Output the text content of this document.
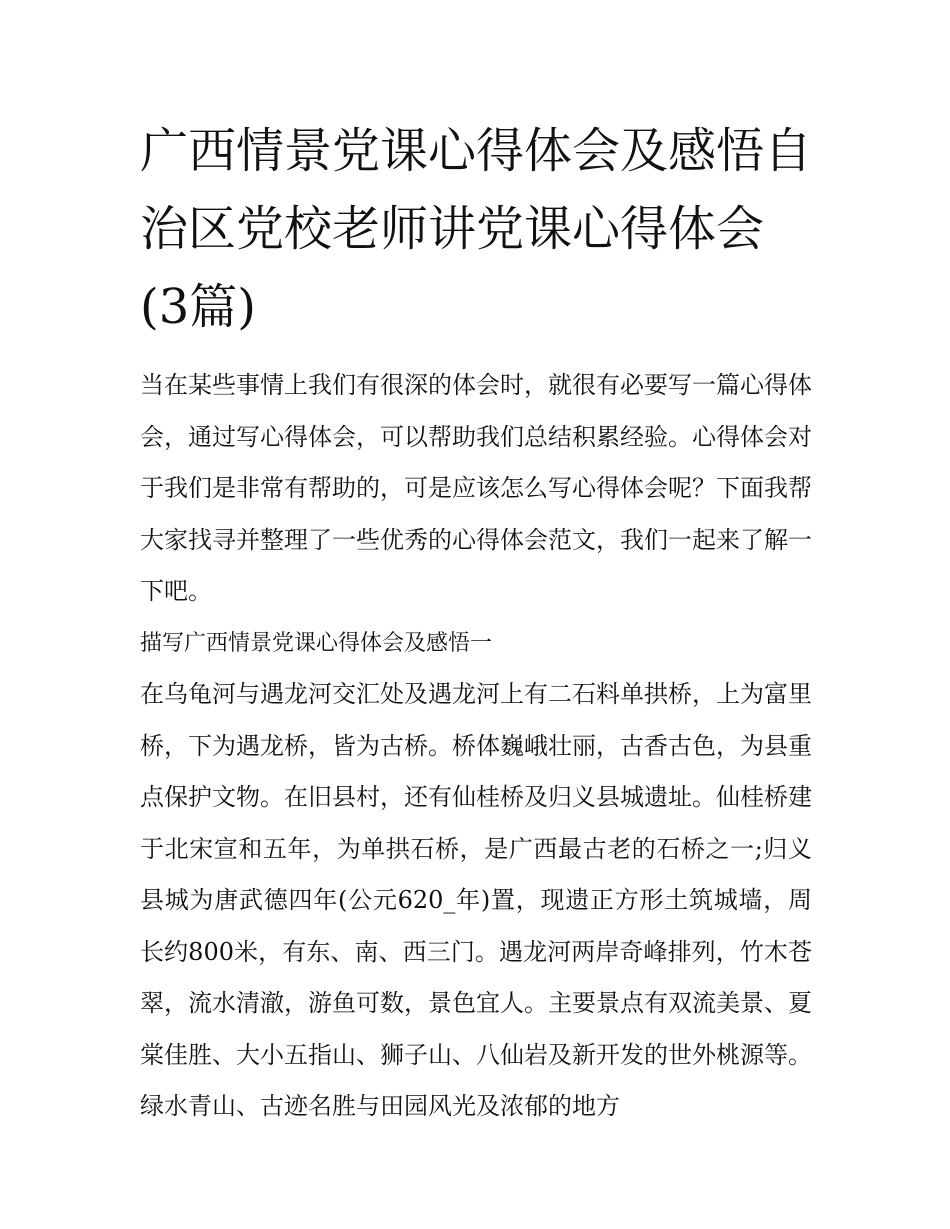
广西情景党课心得体会及感悟自治区党校老师讲党课心得体会(3篇)

当在某些事情上我们有很深的体会时，就很有必要写一篇心得体会，通过写心得体会，可以帮助我们总结积累经验。心得体会对于我们是非常有帮助的，可是应该怎么写心得体会呢？下面我帮大家找寻并整理了一些优秀的心得体会范文，我们一起来了解一下吧。

描写广西情景党课心得体会及感悟一

在乌龟河与遇龙河交汇处及遇龙河上有二石料单拱桥，上为富里桥，下为遇龙桥，皆为古桥。桥体巍峨壮丽，古香古色，为县重点保护文物。在旧县村，还有仙桂桥及归义县城遗址。仙桂桥建于北宋宣和五年，为单拱石桥，是广西最古老的石桥之一;归义县城为唐武德四年(公元620_年)置，现遗正方形土筑城墙，周长约800米，有东、南、西三门。遇龙河两岸奇峰排列，竹木苍翠，流水清澈，游鱼可数，景色宜人。主要景点有双流美景、夏棠佳胜、大小五指山、狮子山、八仙岩及新开发的世外桃源等。绿水青山、古迹名胜与田园风光及浓郁的地方
